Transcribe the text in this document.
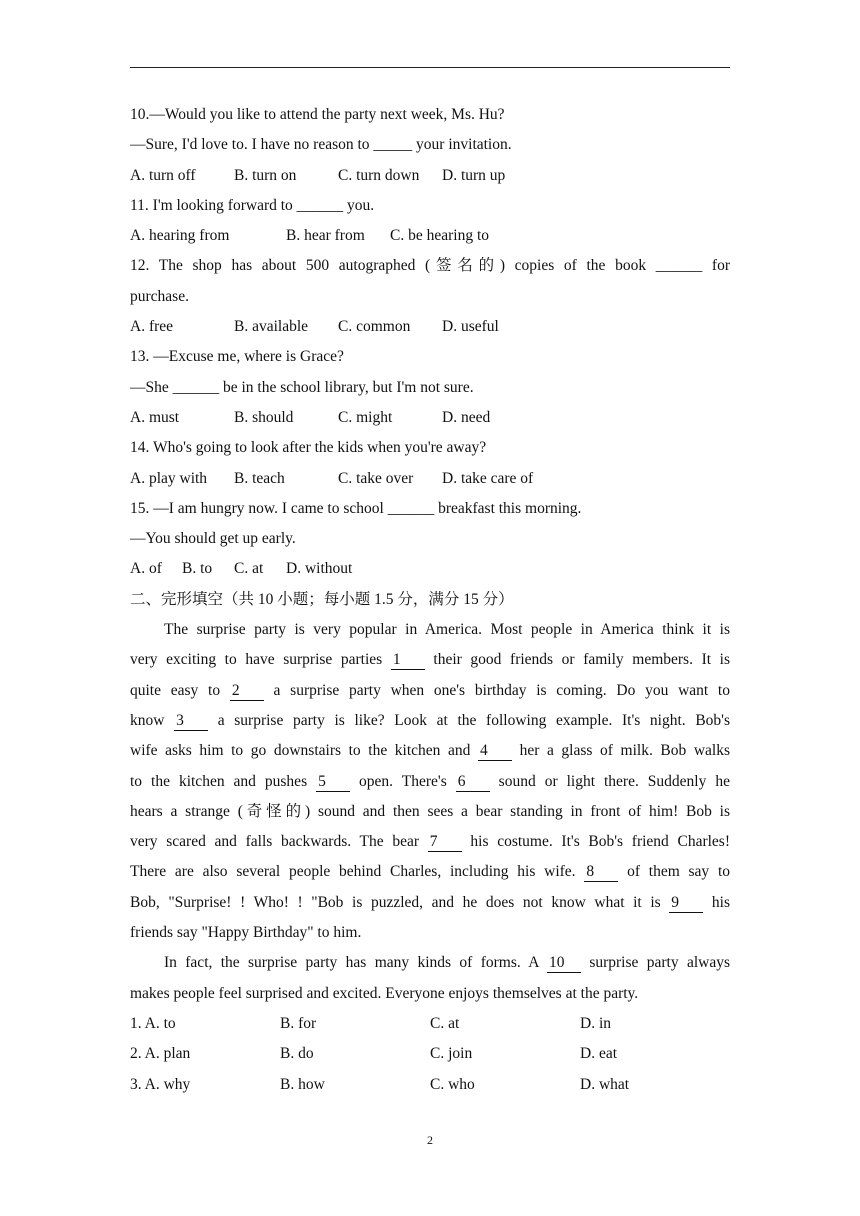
10.—Would you like to attend the party next week, Ms. Hu?
—Sure, I'd love to. I have no reason to _____ your invitation.
A. turn off B. turn on	C. turn down D. turn up
11. I'm looking forward to ______ you.
A. hearing from	B. hear from C. be hearing to
12. The shop has about 500 autographed (签名的) copies of the book ______ for
purchase.
A. free	B. available C. common D. useful
13. —Excuse me, where is Grace?
—She ______ be in the school library, but I'm not sure.
A. must	B. should	C. might	D. need
14. Who's going to look after the kids when you're away?
A. play with B. teach	C. take over D. take care of
15. —I am hungry now. I came to school ______ breakfast this morning.
—You should get up early.
A. of B. to C. at D. without
二、完形填空（共 10 小题；每小题 1.5 分，满分 15 分）
The surprise party is very popular in America. Most people in America think it is
very exciting to have surprise parties 1 their good friends or family members. It is
quite easy to 2 a surprise party when one's birthday is coming. Do you want to
know 3 a surprise party is like? Look at the following example. It's night. Bob's
wife asks him to go downstairs to the kitchen and 4 her a glass of milk. Bob walks
to the kitchen and pushes 5 open. There's 6 sound or light there. Suddenly he
hears a strange (奇怪的) sound and then sees a bear standing in front of him! Bob is
very scared and falls backwards. The bear 7 his costume. It's Bob's friend Charles!
There are also several people behind Charles, including his wife. 8 of them say to
Bob, "Surprise! ! Who! ! "Bob is puzzled, and he does not know what it is 9 his
friends say "Happy Birthday" to him.
In fact, the surprise party has many kinds of forms. A 10 surprise party always
makes people feel surprised and excited. Everyone enjoys themselves at the party.
1. A. to	B. for	C. at	D. in
2. A. plan	B. do	C. join	D. eat
3. A. why	B. how	C. who	D. what
2
